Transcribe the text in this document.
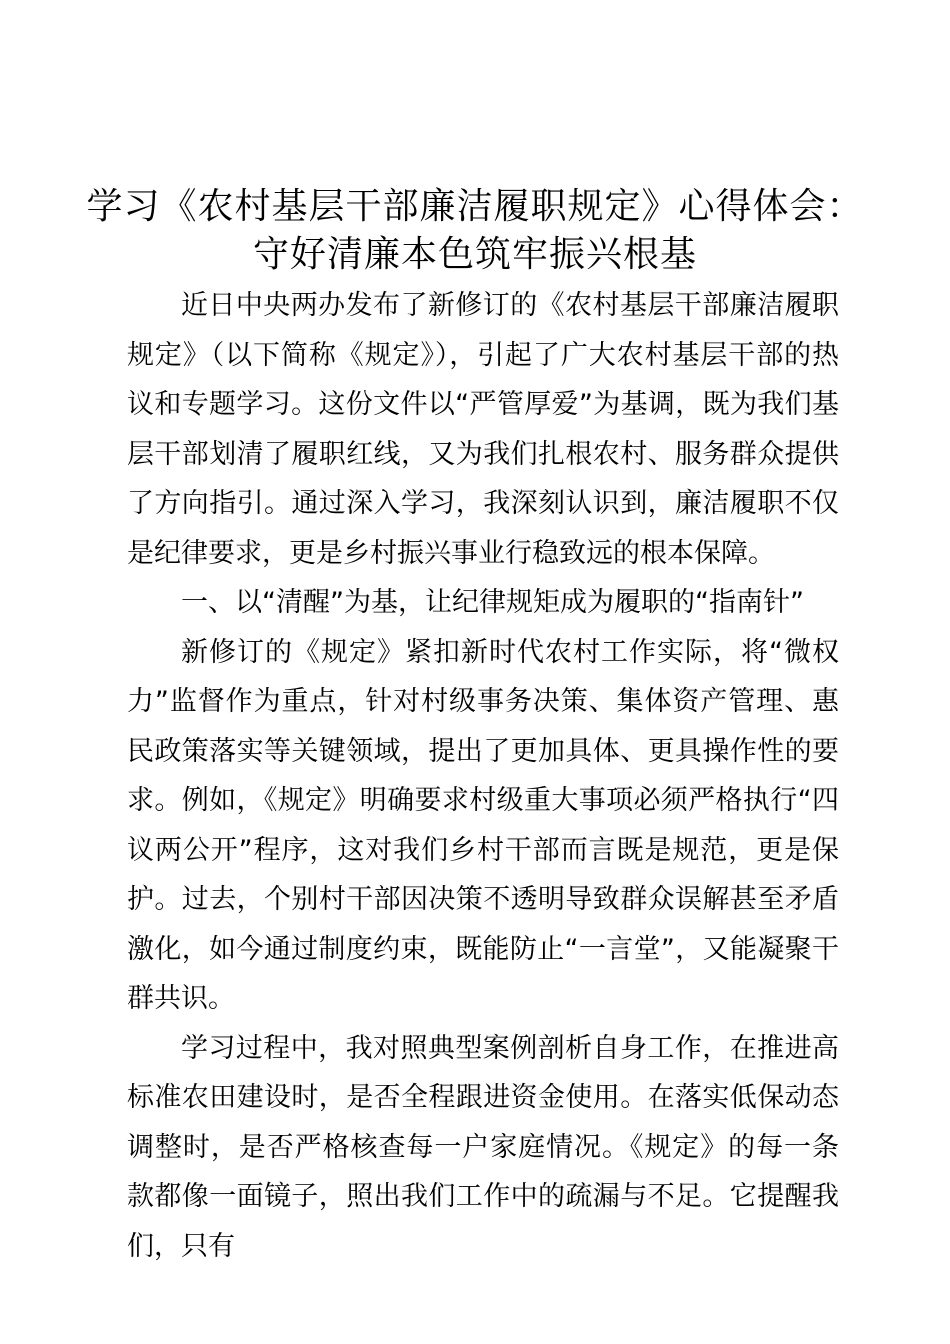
学习《农村基层干部廉洁履职规定》心得体会：
守好清廉本色筑牢振兴根基

近日中央两办发布了新修订的《农村基层干部廉洁履职规定》（以下简称《规定》），引起了广大农村基层干部的热议和专题学习。这份文件以“严管厚爱”为基调，既为我们基层干部划清了履职红线，又为我们扎根农村、服务群众提供了方向指引。通过深入学习，我深刻认识到，廉洁履职不仅是纪律要求，更是乡村振兴事业行稳致远的根本保障。

一、以“清醒”为基，让纪律规矩成为履职的“指南针”

新修订的《规定》紧扣新时代农村工作实际，将“微权力”监督作为重点，针对村级事务决策、集体资产管理、惠民政策落实等关键领域，提出了更加具体、更具操作性的要求。例如，《规定》明确要求村级重大事项必须严格执行“四议两公开”程序，这对我们乡村干部而言既是规范，更是保护。过去，个别村干部因决策不透明导致群众误解甚至矛盾激化，如今通过制度约束，既能防止“一言堂”，又能凝聚干群共识。

学习过程中，我对照典型案例剖析自身工作，在推进高标准农田建设时，是否全程跟进资金使用。在落实低保动态调整时，是否严格核查每一户家庭情况。《规定》的每一条款都像一面镜子，照出我们工作中的疏漏与不足。它提醒我们，只有
